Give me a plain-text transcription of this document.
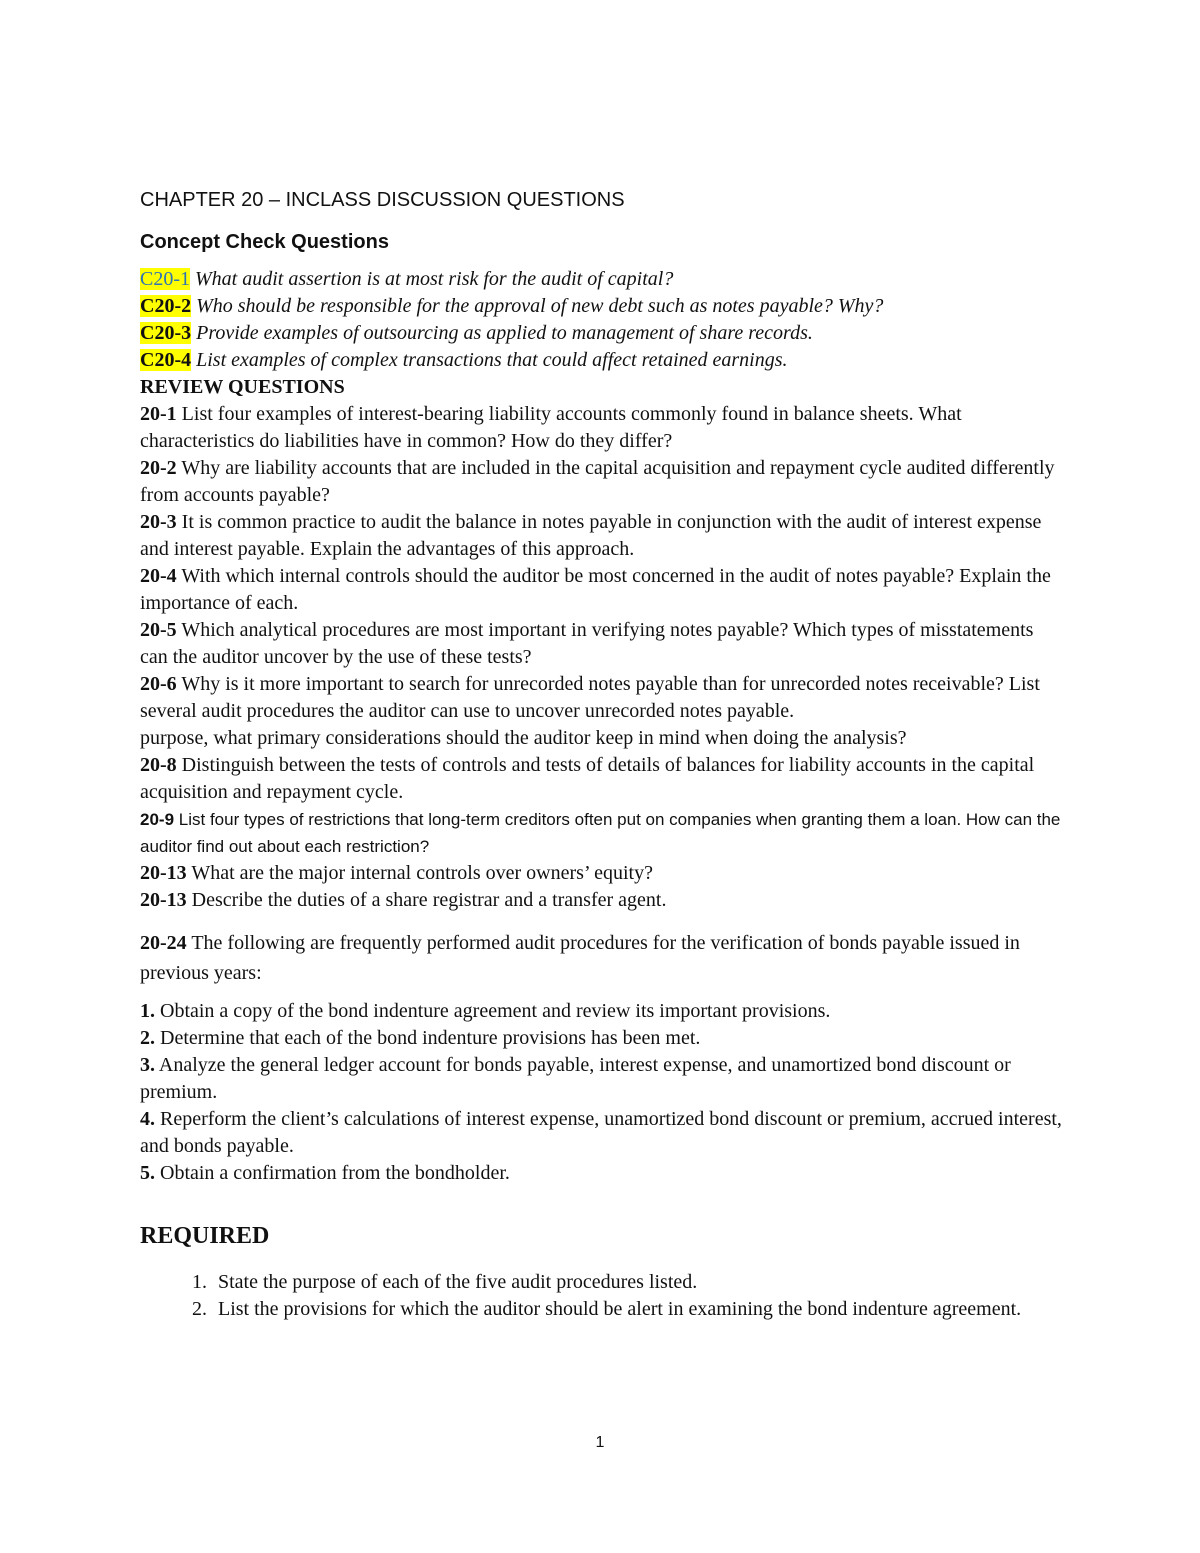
CHAPTER 20 – INCLASS DISCUSSION QUESTIONS
Concept Check Questions
C20-1 What audit assertion is at most risk for the audit of capital?
C20-2 Who should be responsible for the approval of new debt such as notes payable? Why?
C20-3 Provide examples of outsourcing as applied to management of share records.
C20-4 List examples of complex transactions that could affect retained earnings.
REVIEW QUESTIONS
20-1 List four examples of interest-bearing liability accounts commonly found in balance sheets. What characteristics do liabilities have in common? How do they differ?
20-2 Why are liability accounts that are included in the capital acquisition and repayment cycle audited differently from accounts payable?
20-3 It is common practice to audit the balance in notes payable in conjunction with the audit of interest expense and interest payable. Explain the advantages of this approach.
20-4 With which internal controls should the auditor be most concerned in the audit of notes payable? Explain the importance of each.
20-5 Which analytical procedures are most important in verifying notes payable? Which types of misstatements can the auditor uncover by the use of these tests?
20-6 Why is it more important to search for unrecorded notes payable than for unrecorded notes receivable? List several audit procedures the auditor can use to uncover unrecorded notes payable.
purpose, what primary considerations should the auditor keep in mind when doing the analysis?
20-8 Distinguish between the tests of controls and tests of details of balances for liability accounts in the capital acquisition and repayment cycle.
20-9 List four types of restrictions that long-term creditors often put on companies when granting them a loan. How can the auditor find out about each restriction?
20-13 What are the major internal controls over owners’ equity?
20-13 Describe the duties of a share registrar and a transfer agent.
20-24 The following are frequently performed audit procedures for the verification of bonds payable issued in previous years:
1. Obtain a copy of the bond indenture agreement and review its important provisions.
2. Determine that each of the bond indenture provisions has been met.
3. Analyze the general ledger account for bonds payable, interest expense, and unamortized bond discount or premium.
4. Reperform the client’s calculations of interest expense, unamortized bond discount or premium, accrued interest, and bonds payable.
5. Obtain a confirmation from the bondholder.
REQUIRED
1. State the purpose of each of the five audit procedures listed.
2. List the provisions for which the auditor should be alert in examining the bond indenture agreement.
1
